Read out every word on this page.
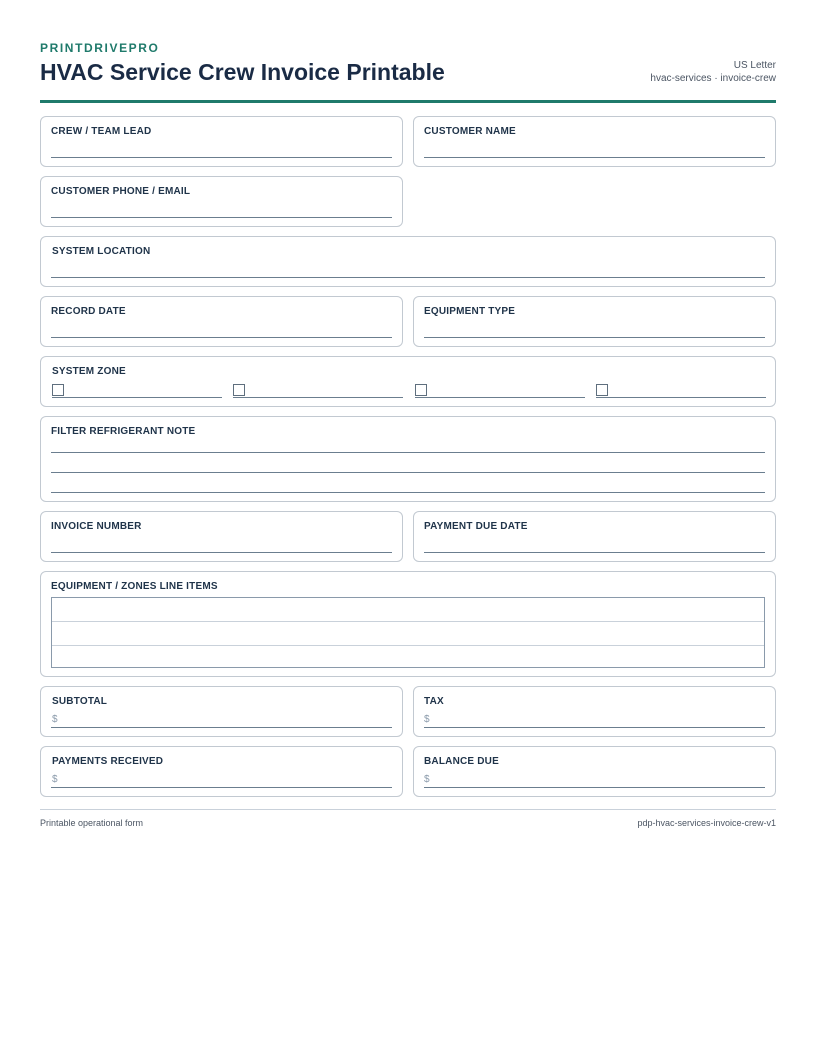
PRINTDRIVEPRO
HVAC Service Crew Invoice Printable	US Letter
hvac-services · invoice-crew
CREW / TEAM LEAD	CUSTOMER NAME
CUSTOMER PHONE / EMAIL
SYSTEM LOCATION
RECORD DATE	EQUIPMENT TYPE
SYSTEM ZONE
FILTER REFRIGERANT NOTE
INVOICE NUMBER	PAYMENT DUE DATE
EQUIPMENT / ZONES LINE ITEMS
SUBTOTAL
$
TAX
$
PAYMENTS RECEIVED
$
BALANCE DUE
$
Printable operational form	pdp-hvac-services-invoice-crew-v1
